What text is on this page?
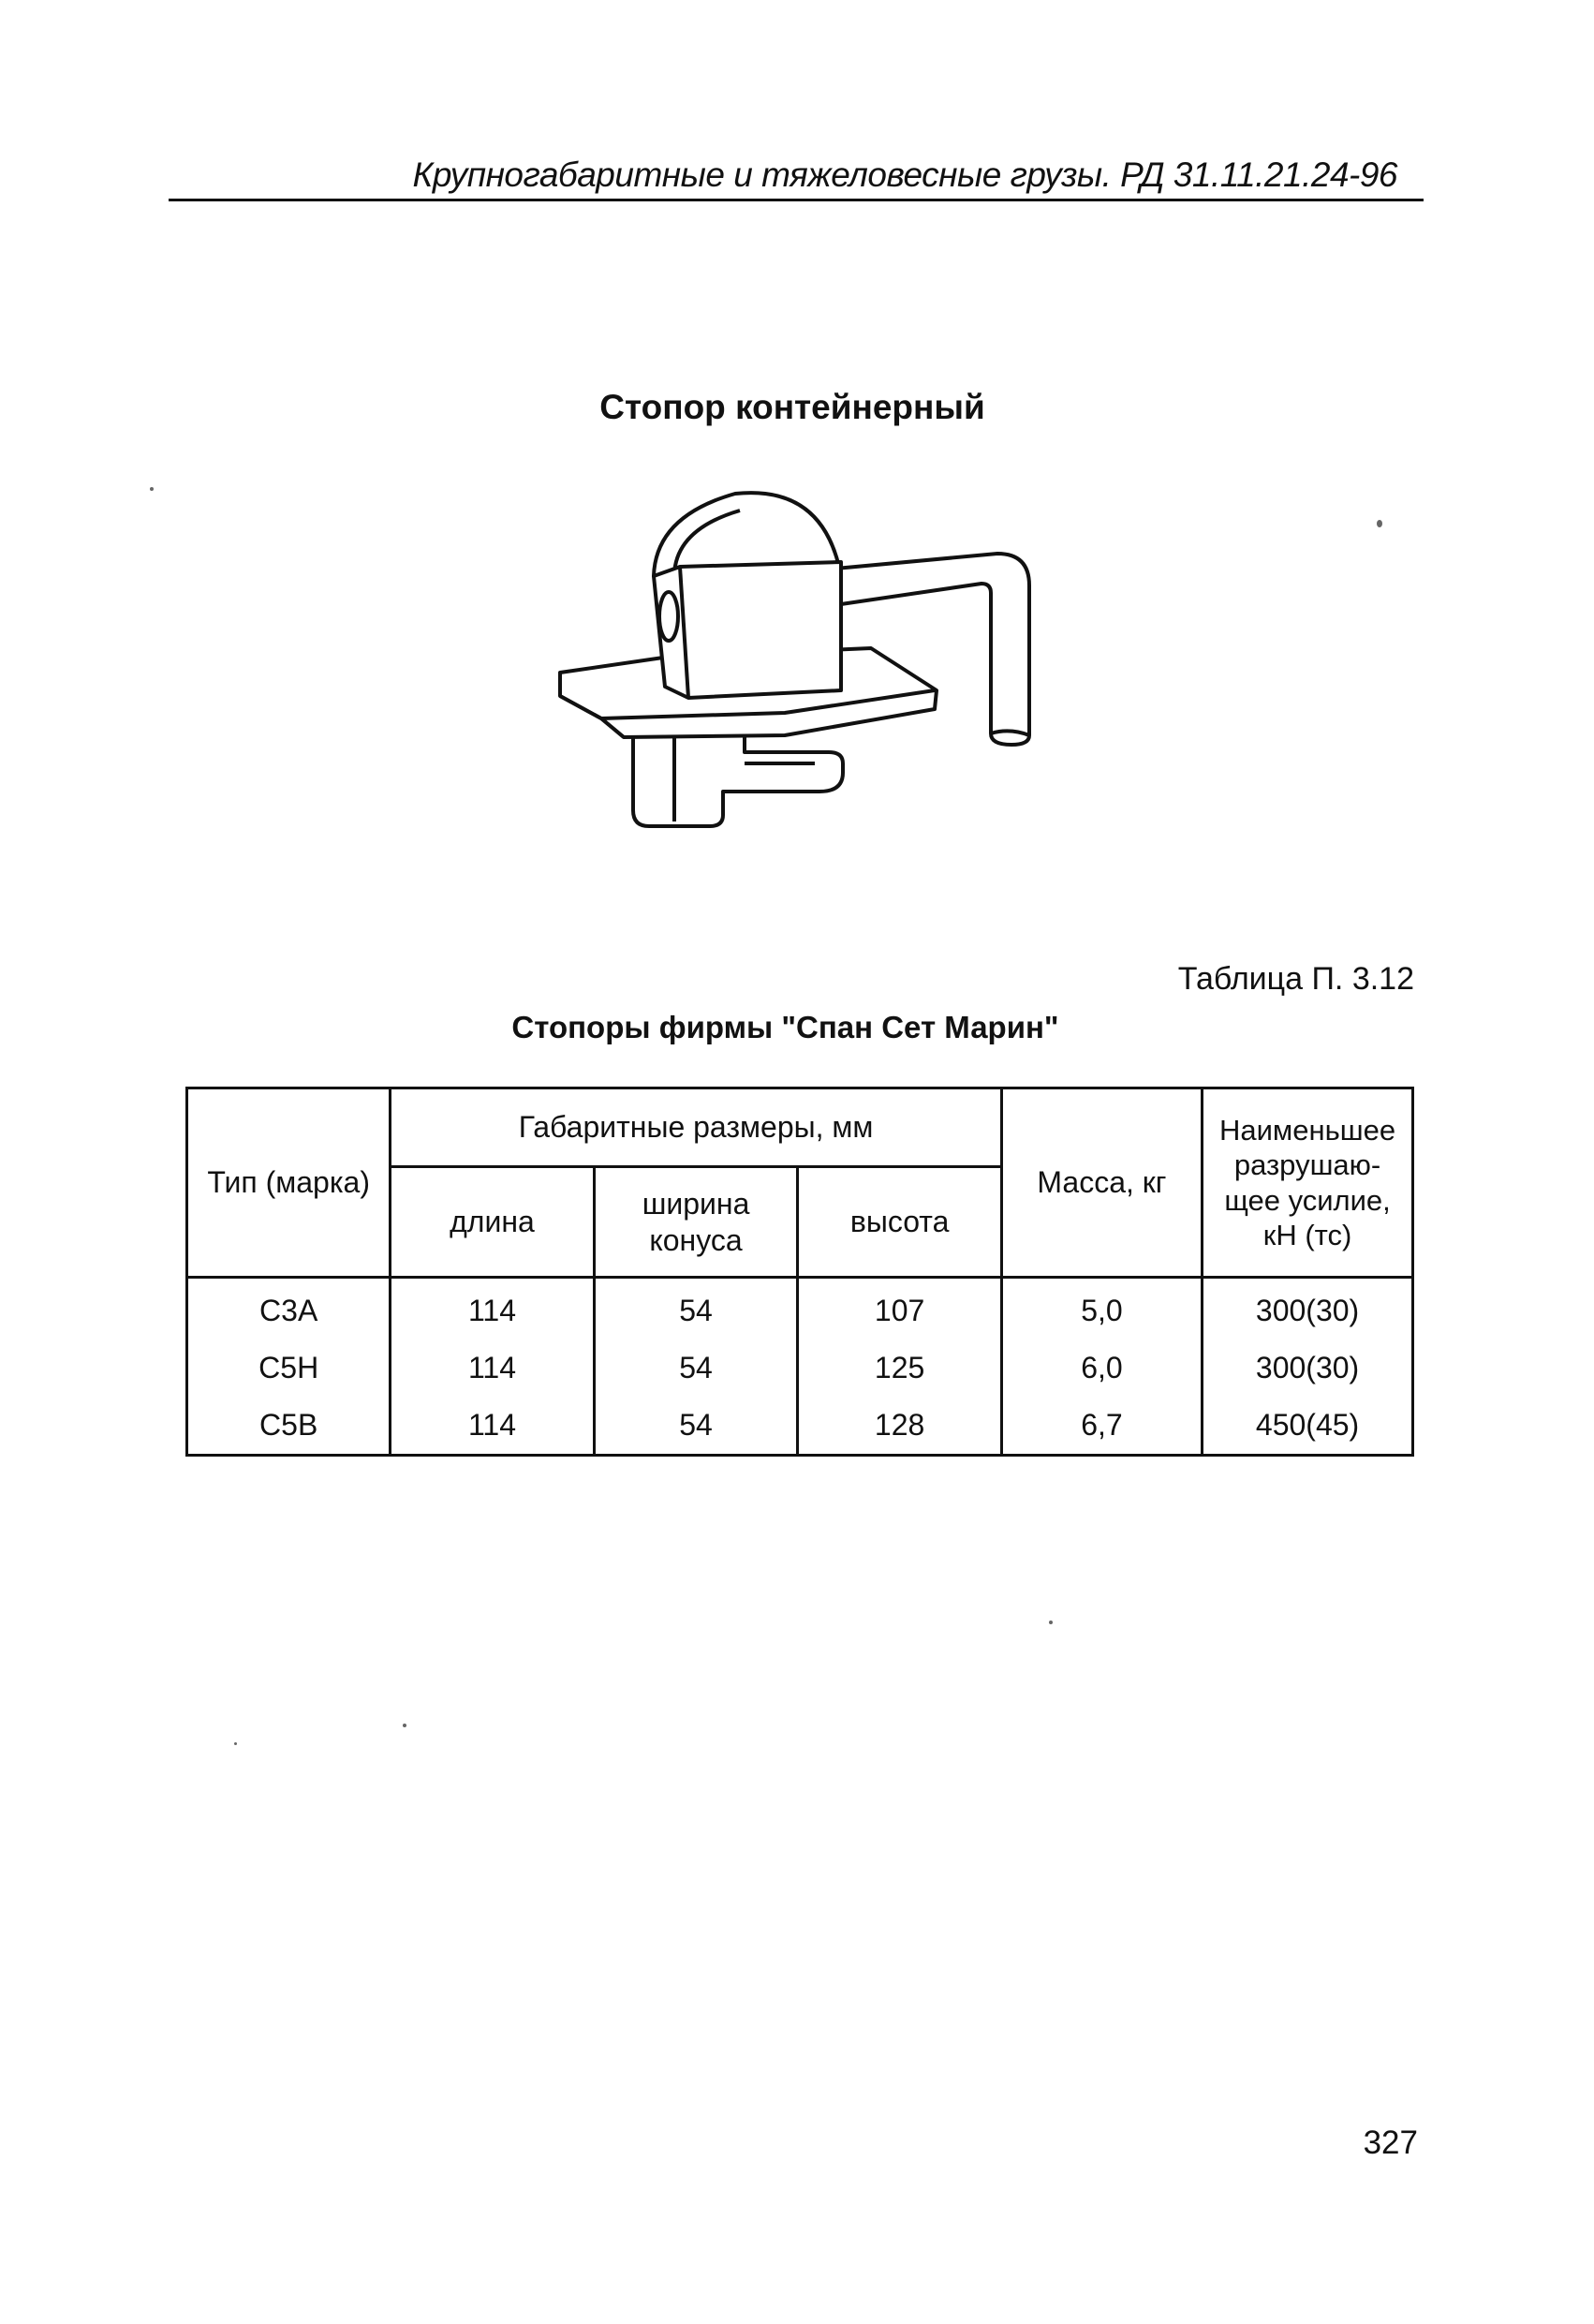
Крупногабаритные и тяжеловесные грузы. РД 31.11.21.24-96
Стопор контейнерный
Таблица П. 3.12
Стопоры фирмы "Спан Сет Марин"
Тип (марка)	Габаритные размеры, мм			Масса, кг	Наименьшее разрушаю-щее усилие, кН (тс)
	длина	ширина конуса	высота		
С3А	114	54	107	5,0	300(30)
С5Н	114	54	125	6,0	300(30)
С5В	114	54	128	6,7	450(45)
327
